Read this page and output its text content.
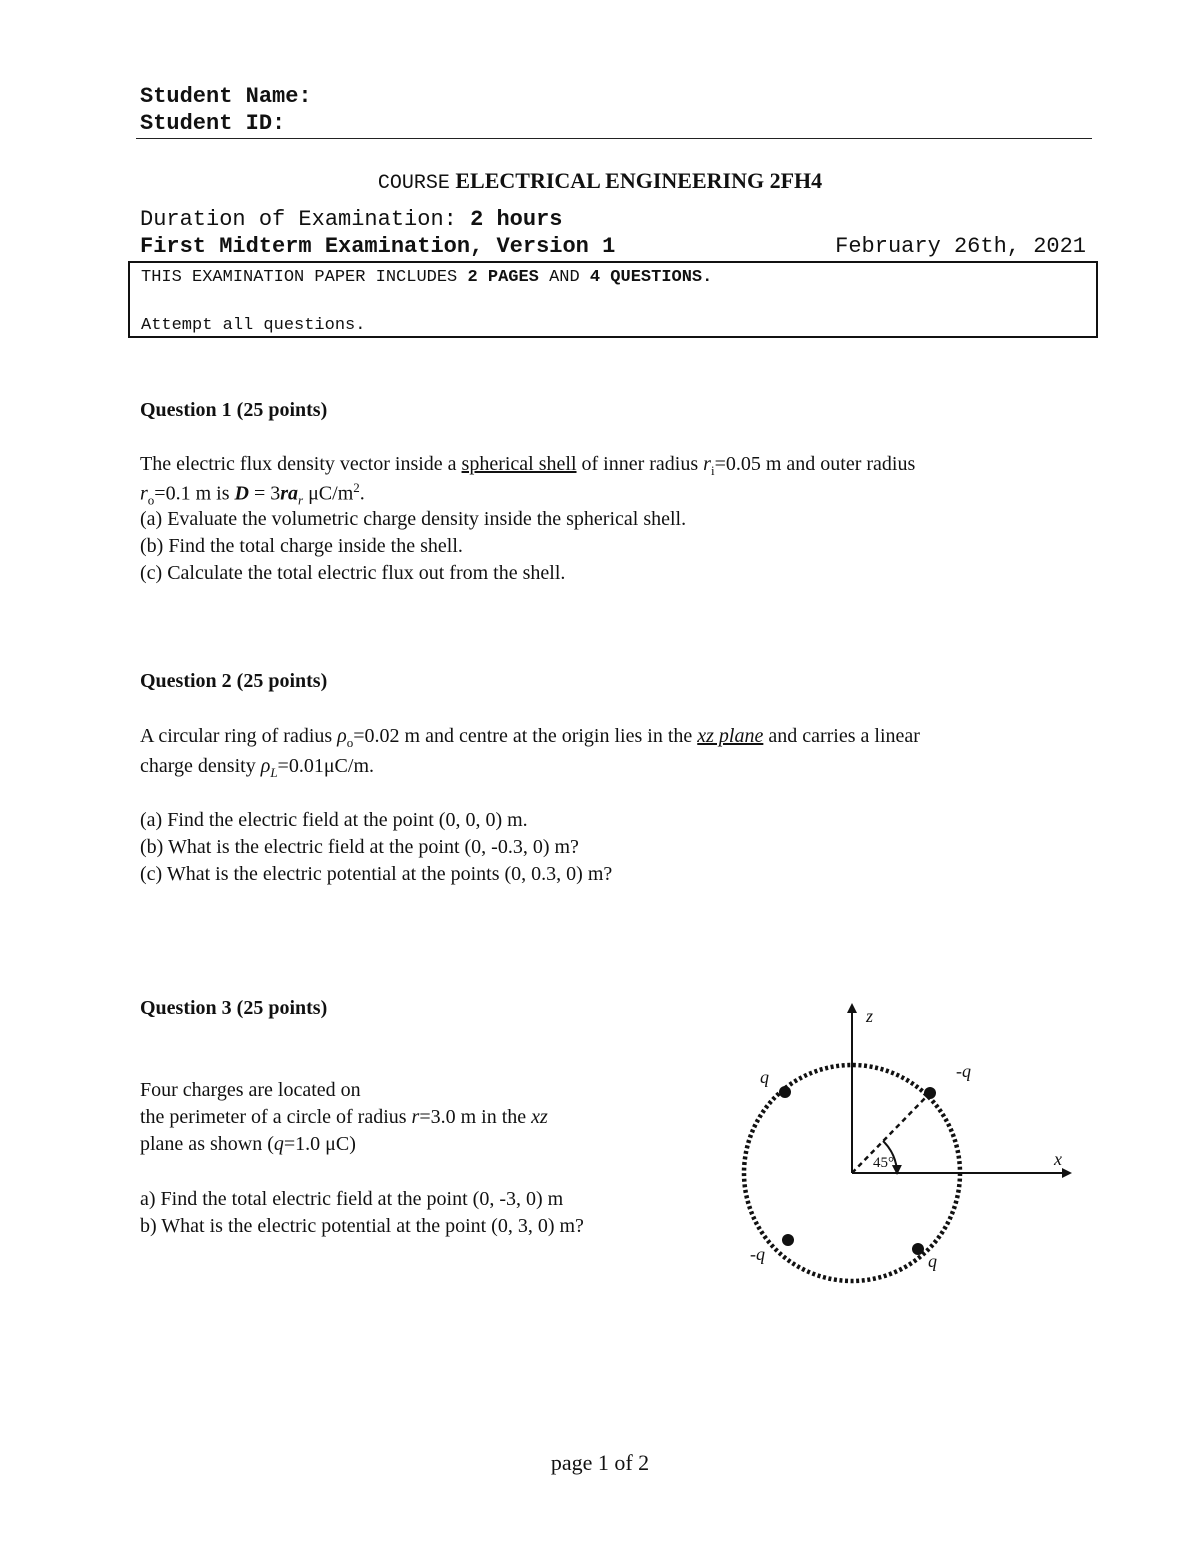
Student Name:
Student ID:
COURSE ELECTRICAL ENGINEERING 2FH4
Duration of Examination: 2 hours
First Midterm Examination, Version 1	February 26th, 2021
THIS EXAMINATION PAPER INCLUDES 2 PAGES AND 4 QUESTIONS.
Attempt all questions.
Question 1 (25 points)
The electric flux density vector inside a spherical shell of inner radius $r_i=0.05$ m and outer radius
$r_o=0.1$ m is $D = 3ra_r$ $\mu C/m^2$.
(a) Evaluate the volumetric charge density inside the spherical shell.
(b) Find the total charge inside the shell.
(c) Calculate the total electric flux out from the shell.
Question 2 (25 points)
A circular ring of radius $\rho_o=0.02$ m and centre at the origin lies in the xz plane and carries a linear
charge density $\rho_L=0.01\mu C/m$.
(a) Find the electric field at the point (0, 0, 0) m.
(b) What is the electric field at the point (0, -0.3, 0) m?
(c) What is the electric potential at the points (0, 0.3, 0) m?
Question 3 (25 points)
Four charges are located on
the perimeter of a circle of radius r=3.0 m in the xz
plane as shown (q=1.0 μC)
a) Find the total electric field at the point (0, -3, 0) m
b) What is the electric potential at the point (0, 3, 0) m?
z
x
45°
q	-q
-q	q
page 1 of 2
